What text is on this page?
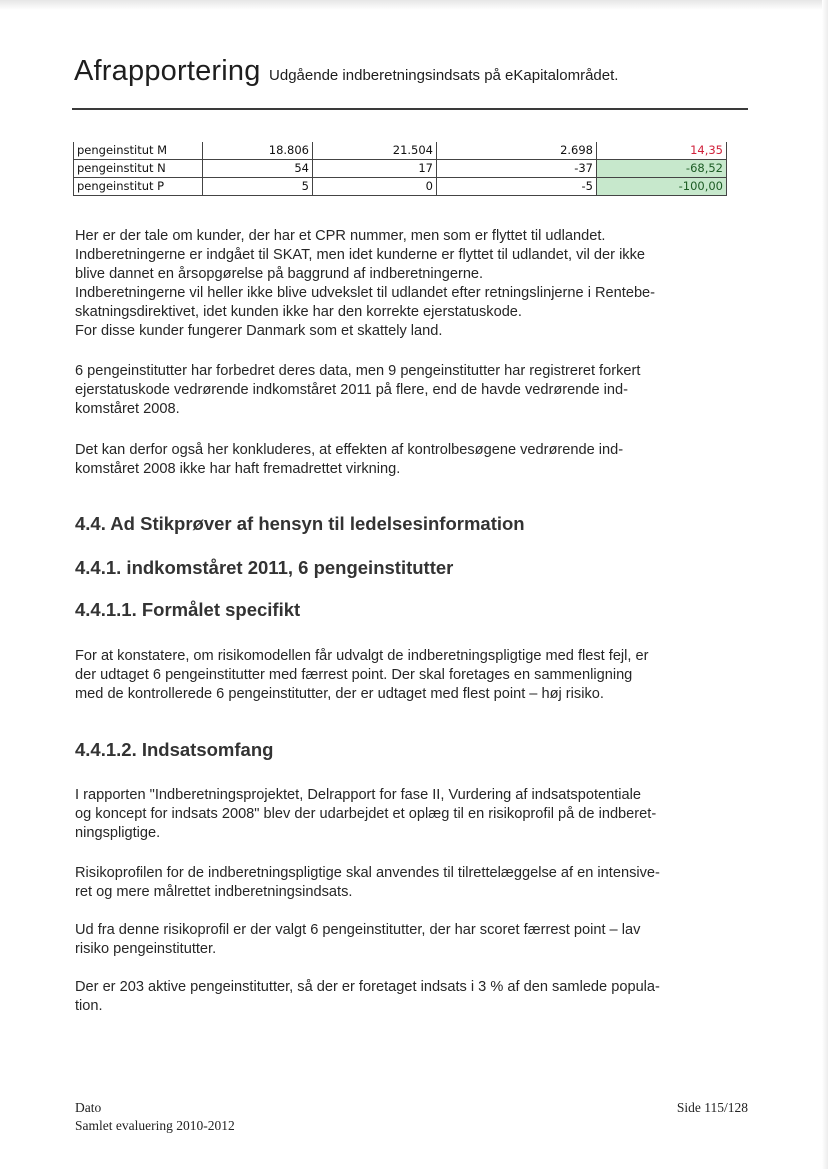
Afrapportering Udgående indberetningsindsats på eKapitalområdet.
pengeinstitut M	18.806	21.504	2.698	14,35
pengeinstitut N	54	17	-37	-68,52
pengeinstitut P	5	0	-5	-100,00

Her er der tale om kunder, der har et CPR nummer, men som er flyttet til udlandet.

Indberetningerne er indgået til SKAT, men idet kunderne er flyttet til udlandet, vil der ikke

blive dannet en årsopgørelse på baggrund af indberetningerne.

Indberetningerne vil heller ikke blive udvekslet til udlandet efter retningslinjerne i Rentebe-

skatningsdirektivet, idet kunden ikke har den korrekte ejerstatuskode.

For disse kunder fungerer Danmark som et skattely land.

6 pengeinstitutter har forbedret deres data, men 9 pengeinstitutter har registreret forkert

ejerstatuskode vedrørende indkomståret 2011 på flere, end de havde vedrørende ind-

komståret 2008.

Det kan derfor også her konkluderes, at effekten af kontrolbesøgene vedrørende ind-

komståret 2008 ikke har haft fremadrettet virkning.

4.4. Ad Stikprøver af hensyn til ledelsesinformation
4.4.1. indkomståret 2011, 6 pengeinstitutter
4.4.1.1. Formålet specifikt

For at konstatere, om risikomodellen får udvalgt de indberetningspligtige med flest fejl, er

der udtaget 6 pengeinstitutter med færrest point. Der skal foretages en sammenligning

med de kontrollerede 6 pengeinstitutter, der er udtaget med flest point – høj risiko.

4.4.1.2. Indsatsomfang

I rapporten "Indberetningsprojektet, Delrapport for fase II, Vurdering af indsatspotentiale

og koncept for indsats 2008" blev der udarbejdet et oplæg til en risikoprofil på de indberet-

ningspligtige.

Risikoprofilen for de indberetningspligtige skal anvendes til tilrettelæggelse af en intensive-

ret og mere målrettet indberetningsindsats.

Ud fra denne risikoprofil er der valgt 6 pengeinstitutter, der har scoret færrest point – lav

risiko pengeinstitutter.

Der er 203 aktive pengeinstitutter, så der er foretaget indsats i 3 % af den samlede popula-

tion.

Dato
Samlet evaluering 2010-2012
Side 115/128
